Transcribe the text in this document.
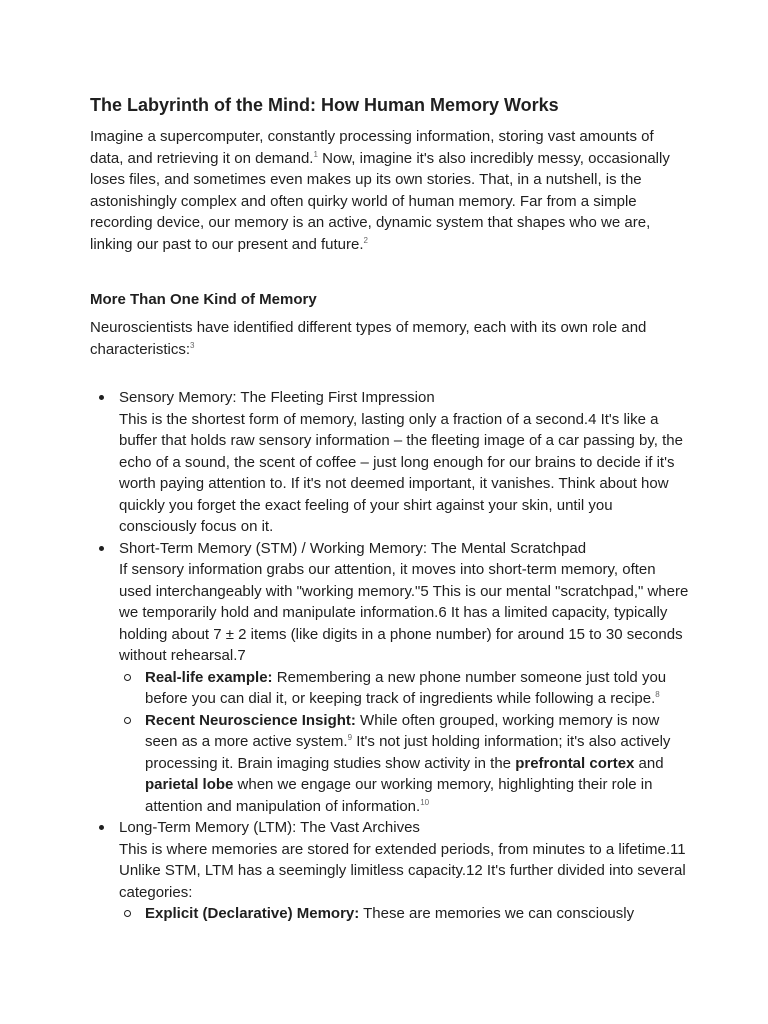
The Labyrinth of the Mind: How Human Memory Works

Imagine a supercomputer, constantly processing information, storing vast amounts of data, and retrieving it on demand.$^1$ Now, imagine it's also incredibly messy, occasionally loses files, and sometimes even makes up its own stories. That, in a nutshell, is the astonishingly complex and often quirky world of human memory. Far from a simple recording device, our memory is an active, dynamic system that shapes who we are, linking our past to our present and future.$^2$

More Than One Kind of Memory

Neuroscientists have identified different types of memory, each with its own role and characteristics:$^3$

Sensory Memory: The Fleeting First Impression
This is the shortest form of memory, lasting only a fraction of a second.4 It's like a buffer that holds raw sensory information – the fleeting image of a car passing by, the echo of a sound, the scent of coffee – just long enough for our brains to decide if it's worth paying attention to. If it's not deemed important, it vanishes. Think about how quickly you forget the exact feeling of your shirt against your skin, until you consciously focus on it.
Short-Term Memory (STM) / Working Memory: The Mental Scratchpad
If sensory information grabs our attention, it moves into short-term memory, often used interchangeably with "working memory."5 This is our mental "scratchpad," where we temporarily hold and manipulate information.6 It has a limited capacity, typically holding about 7 ± 2 items (like digits in a phone number) for around 15 to 30 seconds without rehearsal.7
Real-life example: Remembering a new phone number someone just told you before you can dial it, or keeping track of ingredients while following a recipe.$^8$
Recent Neuroscience Insight: While often grouped, working memory is now seen as a more active system.$^9$ It's not just holding information; it's also actively processing it. Brain imaging studies show activity in the prefrontal cortex and parietal lobe when we engage our working memory, highlighting their role in attention and manipulation of information.$^{10}$
Long-Term Memory (LTM): The Vast Archives
This is where memories are stored for extended periods, from minutes to a lifetime.11 Unlike STM, LTM has a seemingly limitless capacity.12 It's further divided into several categories:
Explicit (Declarative) Memory: These are memories we can consciously
